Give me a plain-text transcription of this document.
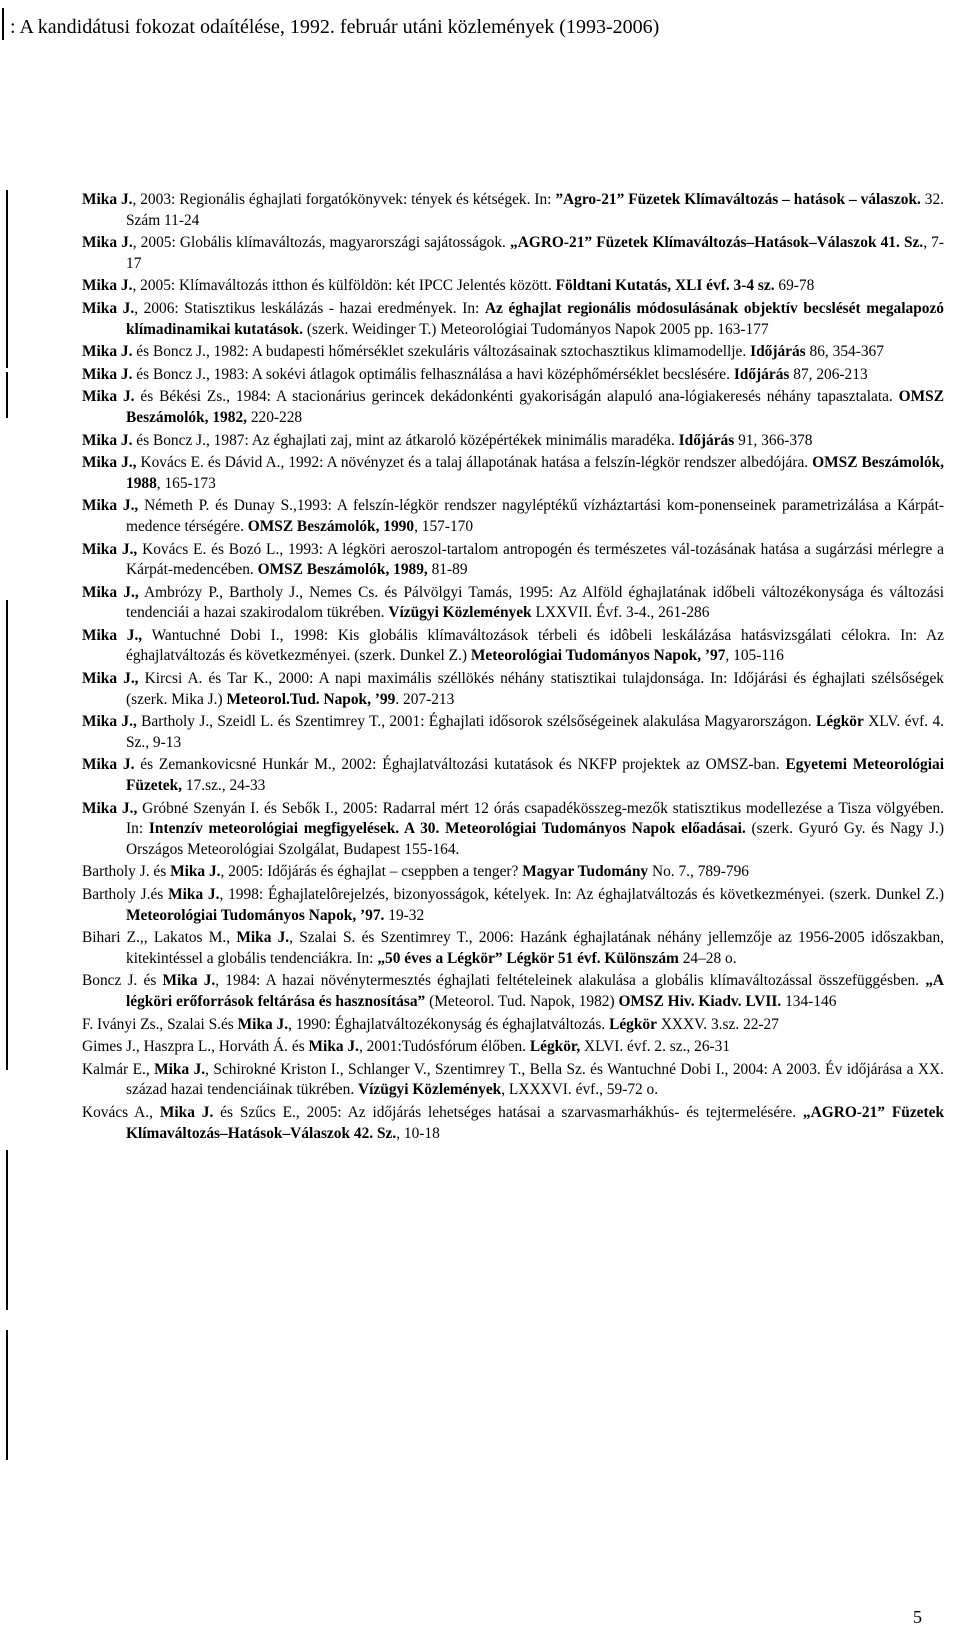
: A kandidátusi fokozat odaítélése, 1992. február utáni közlemények (1993-2006)
Mika J., 2003: Regionális éghajlati forgatókönyvek: tények és kétségek. In: ”Agro-21” Füzetek Klímaváltozás – hatások – válaszok. 32. Szám 11-24
Mika J., 2005: Globális klímaváltozás, magyarországi sajátosságok. „AGRO-21” Füzetek Klímaváltozás–Hatások–Válaszok 41. Sz., 7-17
Mika J., 2005: Klímaváltozás itthon és külföldön: két IPCC Jelentés között. Földtani Kutatás, XLI évf. 3-4 sz. 69-78
Mika J., 2006: Statisztikus leskálázás - hazai eredmények. In: Az éghajlat regionális módosulásának objektív becslését megalapozó klímadinamikai kutatások. (szerk. Weidinger T.) Meteorológiai Tudományos Napok 2005 pp. 163-177
Mika J. és Boncz J., 1982: A budapesti hőmérséklet szekuláris változásainak sztochasztikus klimamodellje. Időjárás 86, 354-367
Mika J. és Boncz J., 1983: A sokévi átlagok optimális felhasználása a havi középhőmérséklet becslésére. Időjárás 87, 206-213
Mika J. és Békési Zs., 1984: A stacionárius gerincek dekádonkénti gyakoriságán alapuló ana-lógiakeresés néhány tapasztalata. OMSZ Beszámolók, 1982, 220-228
Mika J. és Boncz J., 1987: Az éghajlati zaj, mint az átkaroló középértékek minimális maradéka. Időjárás 91, 366-378
Mika J., Kovács E. és Dávid A., 1992: A növényzet és a talaj állapotának hatása a felszín-légkör rendszer albedójára. OMSZ Beszámolók, 1988, 165-173
Mika J., Németh P. és Dunay S.,1993: A felszín-légkör rendszer nagyléptékű vízháztartási kom-ponenseinek parametrizálása a Kárpát-medence térségére. OMSZ Beszámolók, 1990, 157-170
Mika J., Kovács E. és Bozó L., 1993: A légköri aeroszol-tartalom antropogén és természetes vál-tozásának hatása a sugárzási mérlegre a Kárpát-medencében. OMSZ Beszámolók, 1989, 81-89
Mika J., Ambrózy P., Bartholy J., Nemes Cs. és Pálvölgyi Tamás, 1995: Az Alföld éghajlatának időbeli változékonysága és változási tendenciái a hazai szakirodalom tükrében. Vízügyi Közlemények LXXVII. Évf. 3-4., 261-286
Mika J., Wantuchné Dobi I., 1998: Kis globális klímaváltozások térbeli és idôbeli leskálázása hatásvizsgálati célokra. In: Az éghajlatváltozás és következményei. (szerk. Dunkel Z.) Meteorológiai Tudományos Napok, ’97, 105-116
Mika J., Kircsi A. és Tar K., 2000: A napi maximális széllökés néhány statisztikai tulajdonsága. In: Időjárási és éghajlati szélsőségek (szerk. Mika J.) Meteorol.Tud. Napok, ’99. 207-213
Mika J., Bartholy J., Szeidl L. és Szentimrey T., 2001: Éghajlati idősorok szélsőségeinek alakulása Magyarországon. Légkör XLV. évf. 4. Sz., 9-13
Mika J. és Zemankovicsné Hunkár M., 2002: Éghajlatváltozási kutatások és NKFP projektek az OMSZ-ban. Egyetemi Meteorológiai Füzetek, 17.sz., 24-33
Mika J., Gróbné Szenyán I. és Sebők I., 2005: Radarral mért 12 órás csapadékösszeg-mezők statisztikus modellezése a Tisza völgyében. In: Intenzív meteorológiai megfigyelések. A 30. Meteorológiai Tudományos Napok előadásai. (szerk. Gyuró Gy. és Nagy J.) Országos Meteorológiai Szolgálat, Budapest 155-164.
Bartholy J. és Mika J., 2005: Időjárás és éghajlat – cseppben a tenger? Magyar Tudomány No. 7., 789-796
Bartholy J.és Mika J., 1998: Éghajlatelôrejelzés, bizonyosságok, kételyek. In: Az éghajlatváltozás és következményei. (szerk. Dunkel Z.) Meteorológiai Tudományos Napok, ’97. 19-32
Bihari Z.,, Lakatos M., Mika J., Szalai S. és Szentimrey T., 2006: Hazánk éghajlatának néhány jellemzője az 1956-2005 időszakban, kitekintéssel a globális tendenciákra. In: „50 éves a Légkör” Légkör 51 évf. Különszám 24–28 o.
Boncz J. és Mika J., 1984: A hazai növénytermesztés éghajlati feltételeinek alakulása a globális klímaváltozással összefüggésben. „A légköri erőforrások feltárása és hasznosítása” (Meteorol. Tud. Napok, 1982) OMSZ Hiv. Kiadv. LVII. 134-146
F. Iványi Zs., Szalai S.és Mika J., 1990: Éghajlatváltozékonyság és éghajlatváltozás. Légkör XXXV. 3.sz. 22-27
Gimes J., Haszpra L., Horváth Á. és Mika J., 2001:Tudósfórum élőben. Légkör, XLVI. évf. 2. sz., 26-31
Kalmár E., Mika J., Schirokné Kriston I., Schlanger V., Szentimrey T., Bella Sz. és Wantuchné Dobi I., 2004: A 2003. Év időjárása a XX. század hazai tendenciáinak tükrében. Vízügyi Közlemények, LXXXVI. évf., 59-72 o.
Kovács A., Mika J. és Szűcs E., 2005: Az időjárás lehetséges hatásai a szarvasmarhákhús- és tejtermelésére. „AGRO-21” Füzetek Klímaváltozás–Hatások–Válaszok 42. Sz., 10-18
5
